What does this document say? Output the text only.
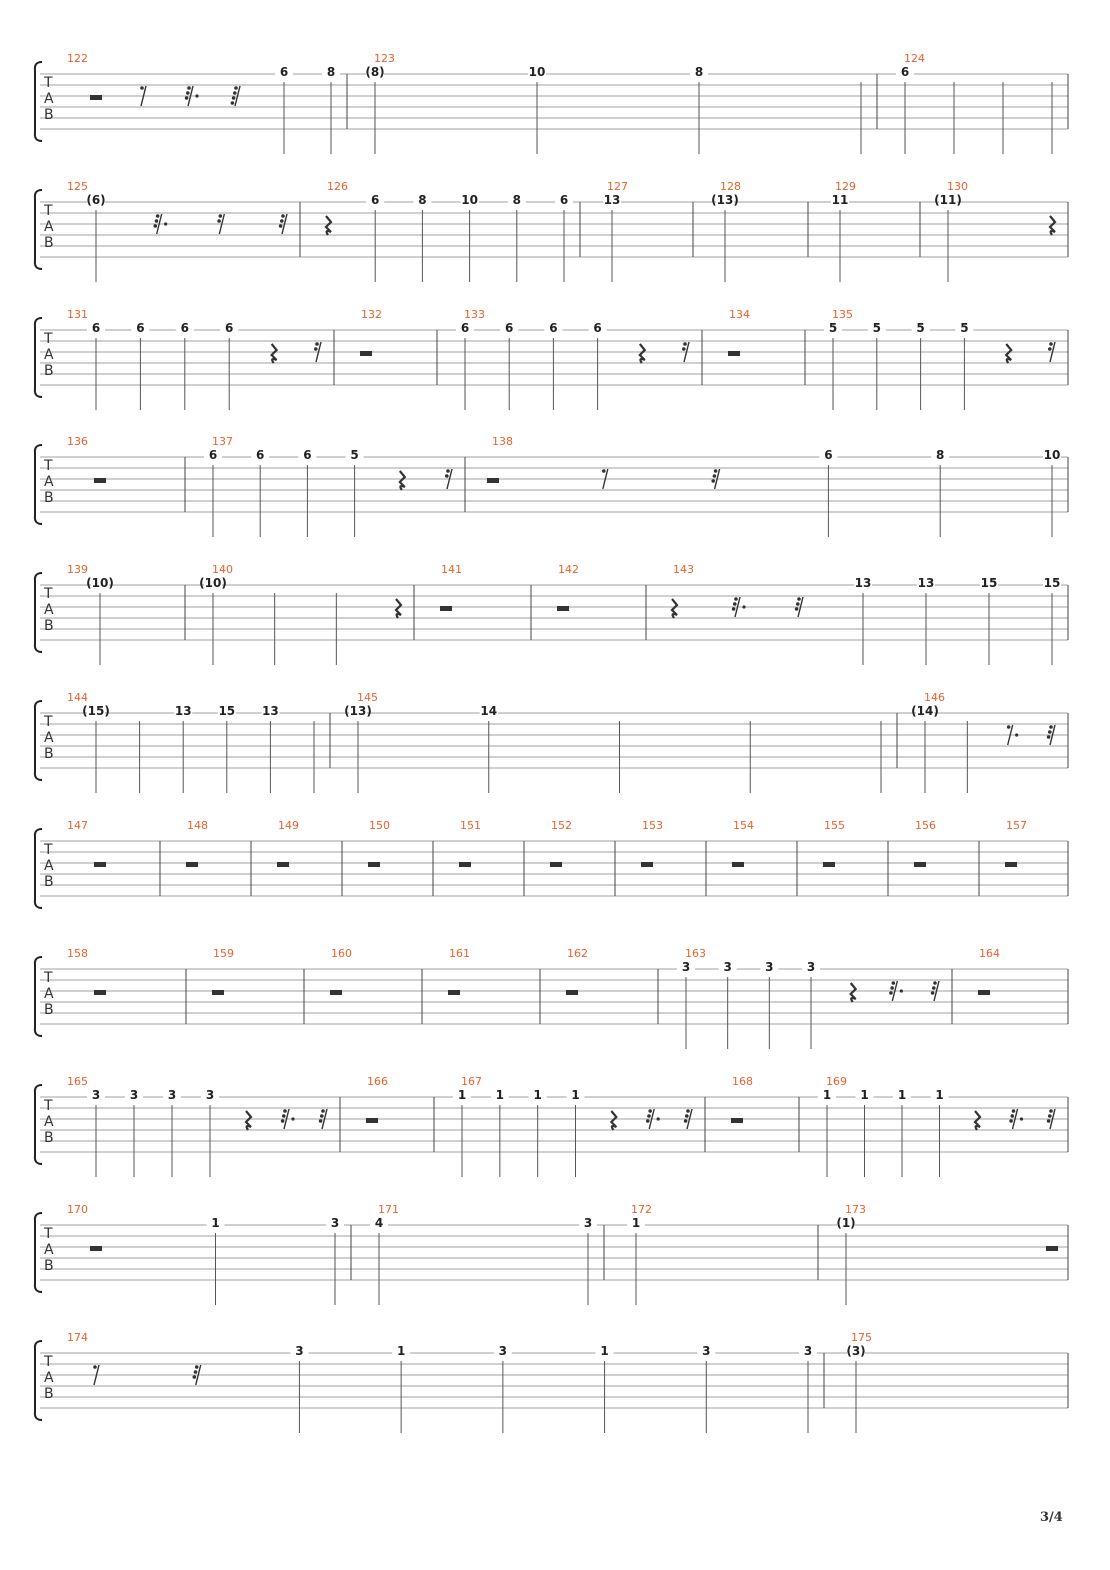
T
A
B
122
6	8
123
(8)	10	8
124
6
T
A
B
125
(6)
126
6	8	10	8	6
127
13
128
(13)
129
11
130
(11)
T
A
B
131
6	6	6	6
132	133
6	6	6	6
134	135
5	5	5	5
T
A
B
136	137
6	6	6	5
138
6	8	10
T
A
B
139
(10)
140
(10)
141	142	143
13	13	15	15
T
A
B
144
(15)	13 15 13
145
(13)	14
146
(14)
T
A
B
147	148	149	150	151	152	153	154	155	156	157
T
A
B
158	159	160	161	162	163
3	3	3	3
164
T
A
B
165
3 3 3 3
166	167
1 1 1 1
168	169
1 1 1 1
T
A
B
170
1	3
171
4	3
172
1
173
(1)
T
A
B
174
3	1	3	1	3	3
175
(3)
3/4
